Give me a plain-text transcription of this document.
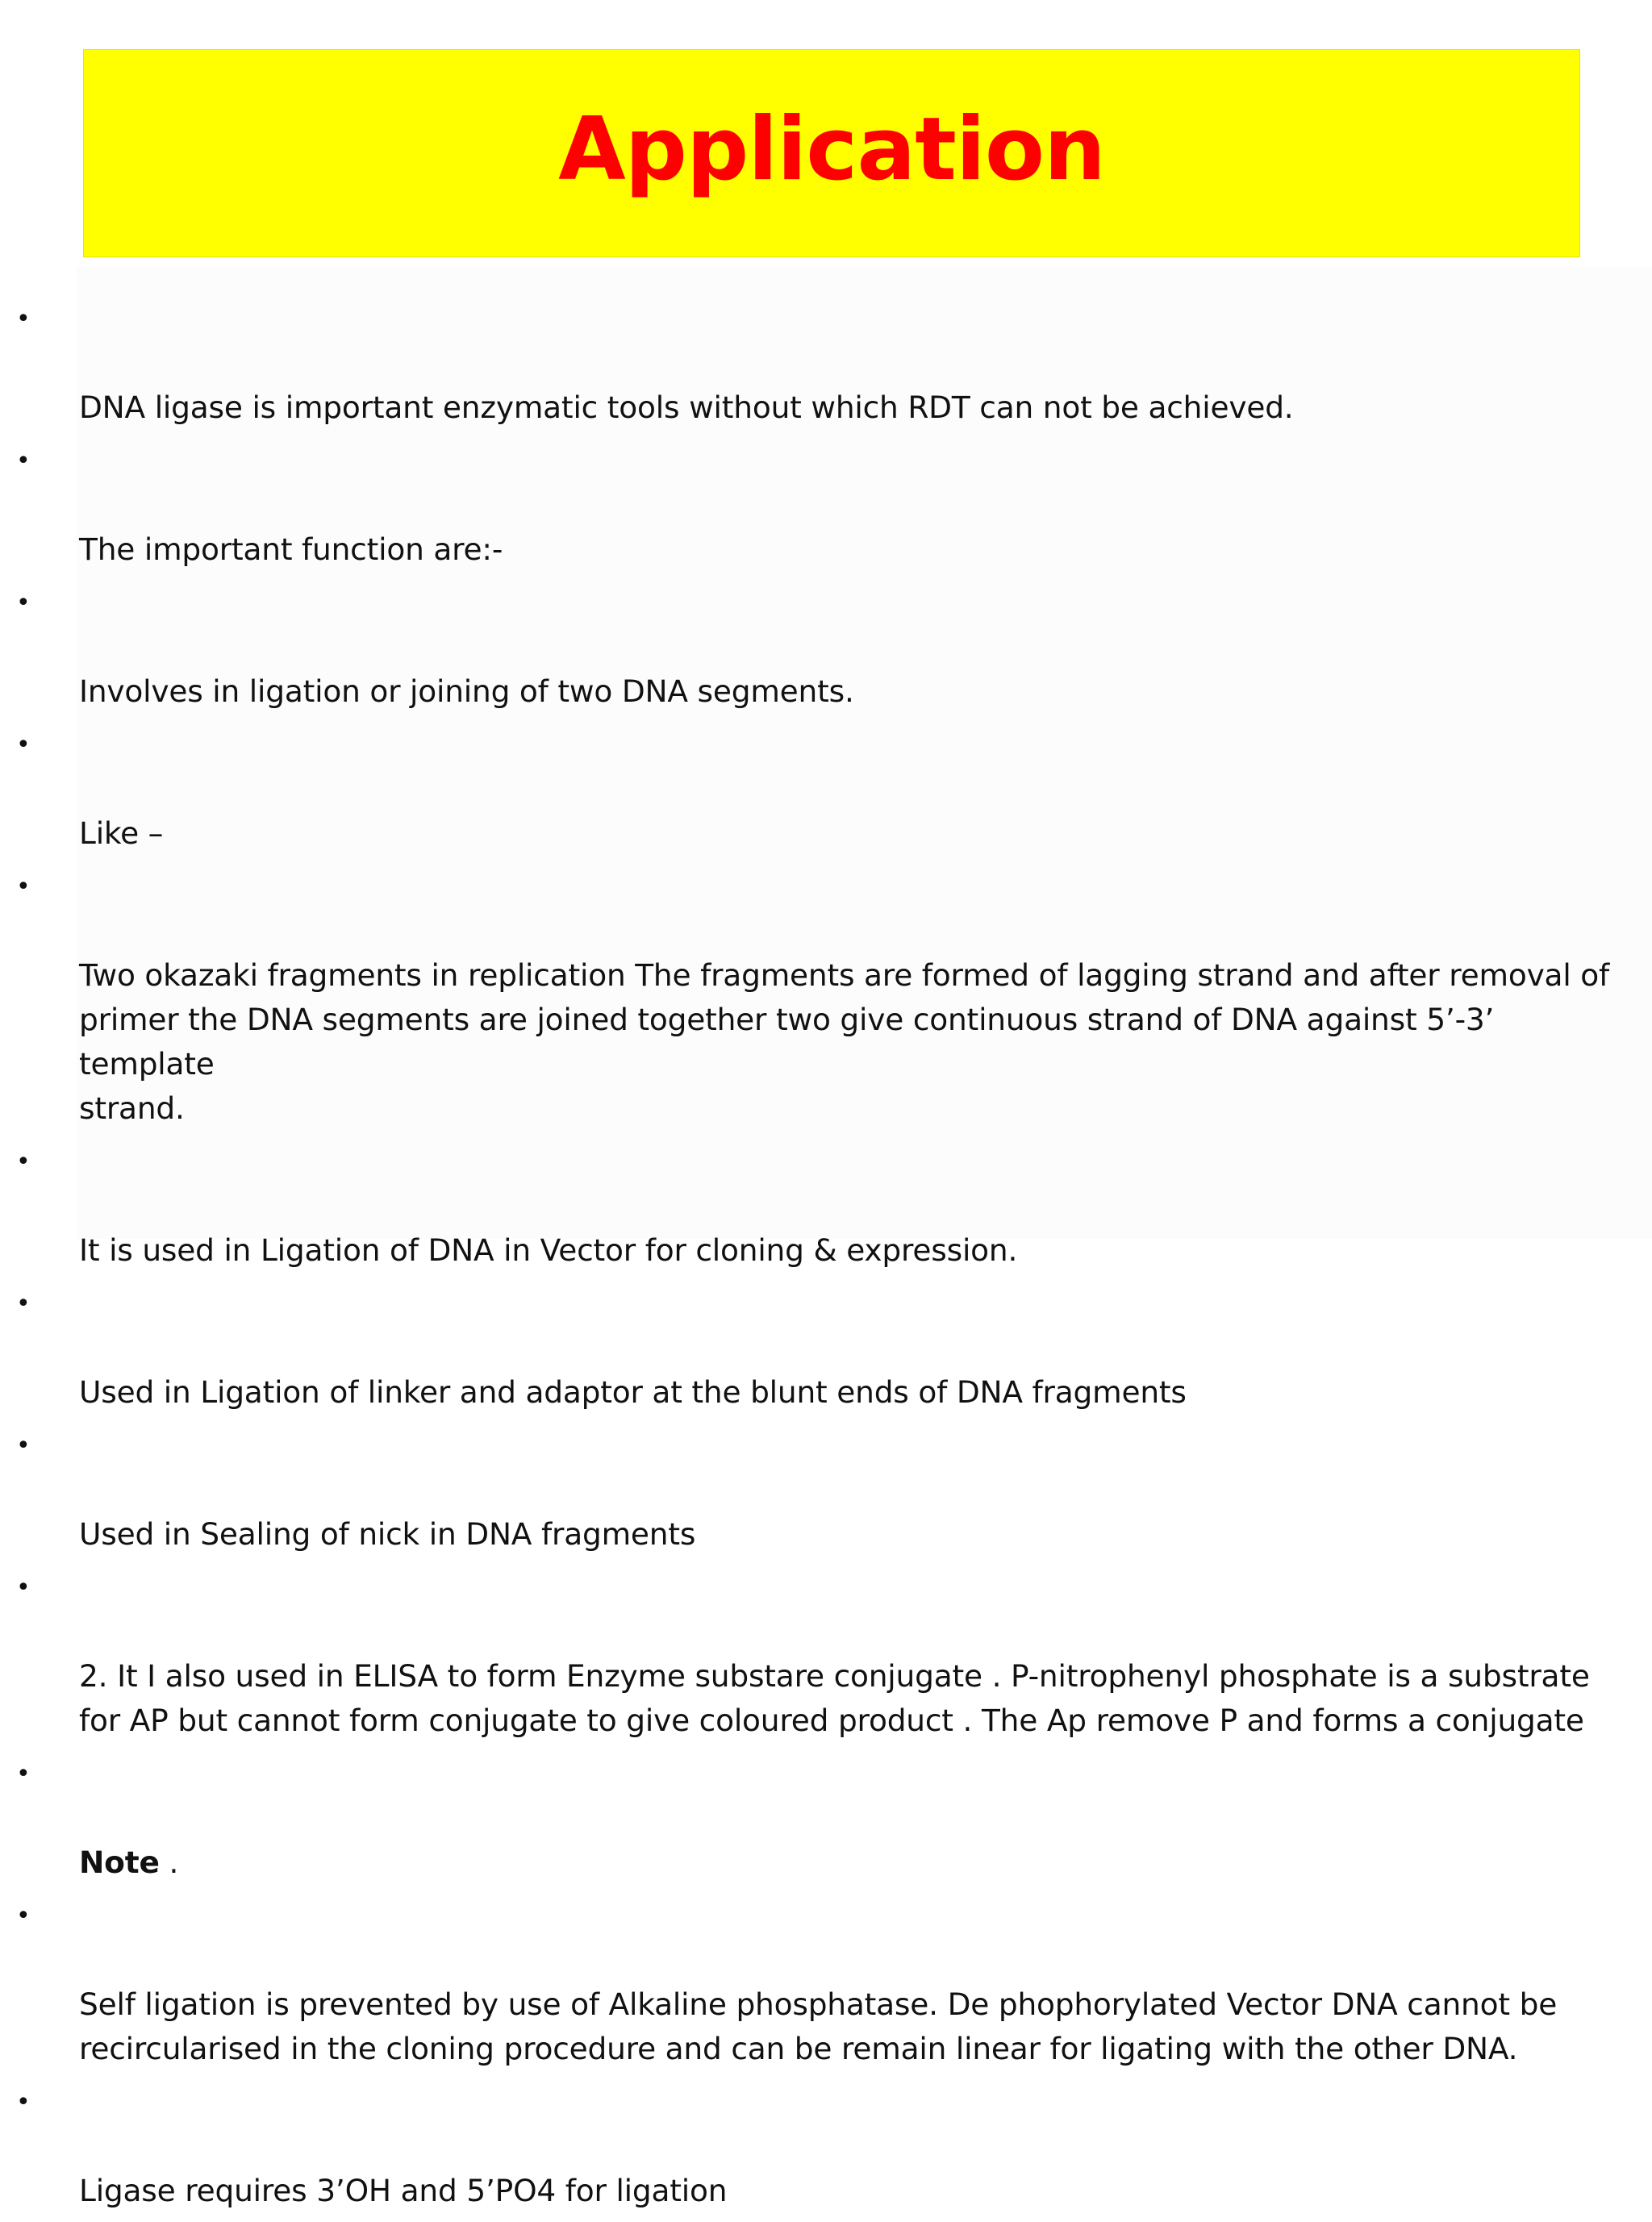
Application

•

DNA ligase is important enzymatic tools without which RDT can not be achieved.

•

The important function are:-

•

Involves in ligation or joining of two DNA segments.

•

Like –

•

Two okazaki fragments in replication The fragments are formed of lagging strand and after removal of
primer the DNA segments are joined together two give continuous strand of DNA against 5’-3’ template
strand.

•

It is used in Ligation of DNA in Vector for cloning & expression.

•

Used in Ligation of linker and adaptor at the blunt ends of DNA fragments

•

Used in Sealing of nick in DNA fragments

•

2. It I also used in ELISA to form Enzyme substare conjugate . P-nitrophenyl phosphate is a substrate
for AP but cannot form conjugate to give coloured product . The Ap remove P and forms a conjugate

•

Note .

•

Self ligation is prevented by use of Alkaline phosphatase. De phophorylated Vector DNA cannot be
recircularised in the cloning procedure and can be remain linear for ligating with the other DNA.

•

Ligase requires 3’OH and 5’PO4 for ligation
